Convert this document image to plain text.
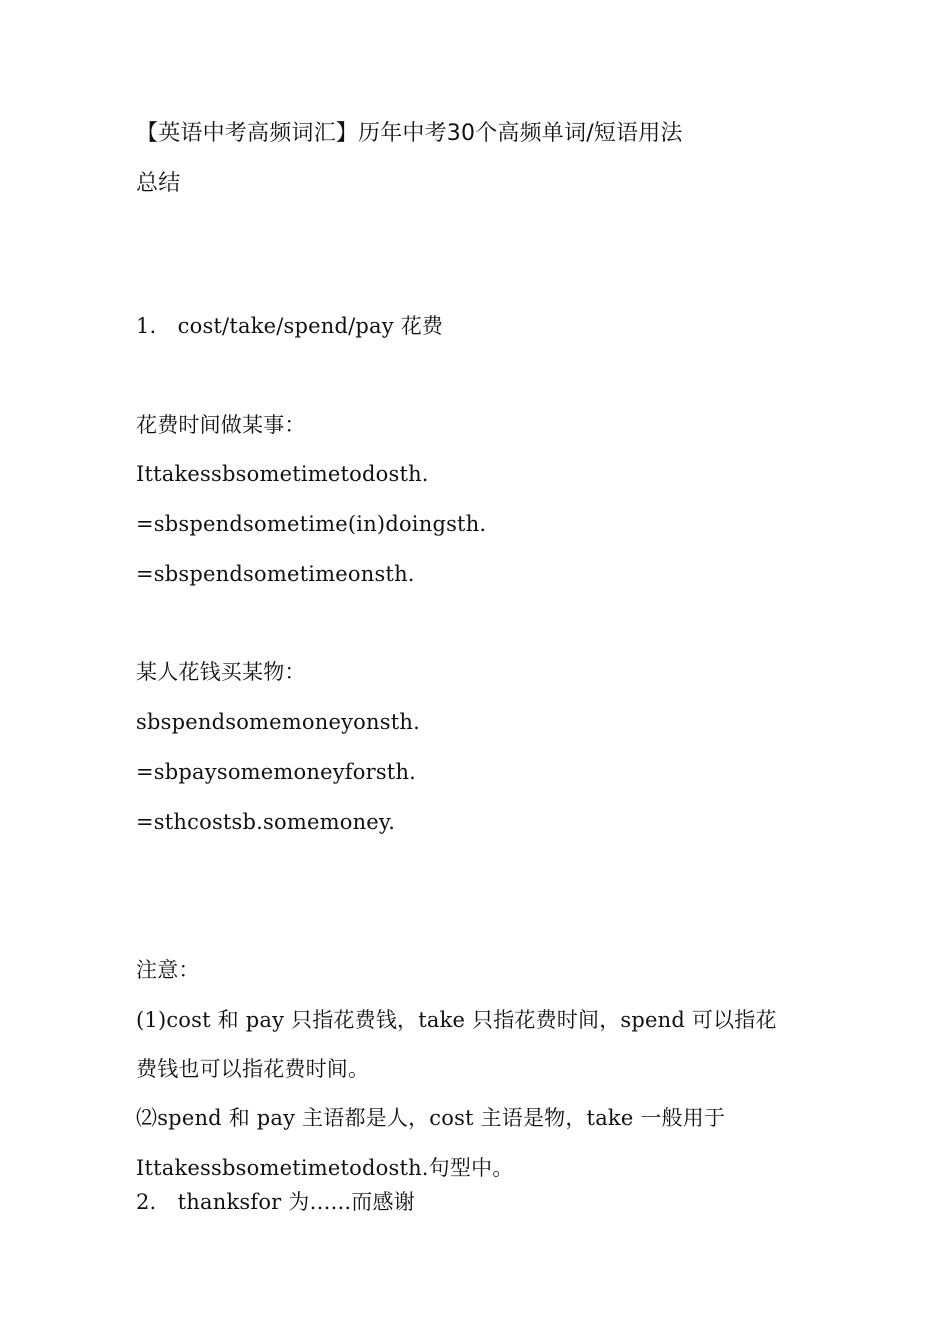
【英语中考高频词汇】历年中考30个高频单词/短语用法
总结
1.　cost/take/spend/pay 花费
花费时间做某事：
Ittakessbsometimetodosth.
=sbspendsometime(in)doingsth.
=sbspendsometimeonsth.
某人花钱买某物：
sbspendsomemoneyonsth.
=sbpaysomemoneyforsth.
=sthcostsb.somemoney.
注意：
(1)cost 和 pay 只指花费钱，take 只指花费时间，spend 可以指花
费钱也可以指花费时间。
⑵spend 和 pay 主语都是人，cost 主语是物，take 一般用于
Ittakessbsometimetodosth.句型中。
2.　thanksfor 为…...而感谢
